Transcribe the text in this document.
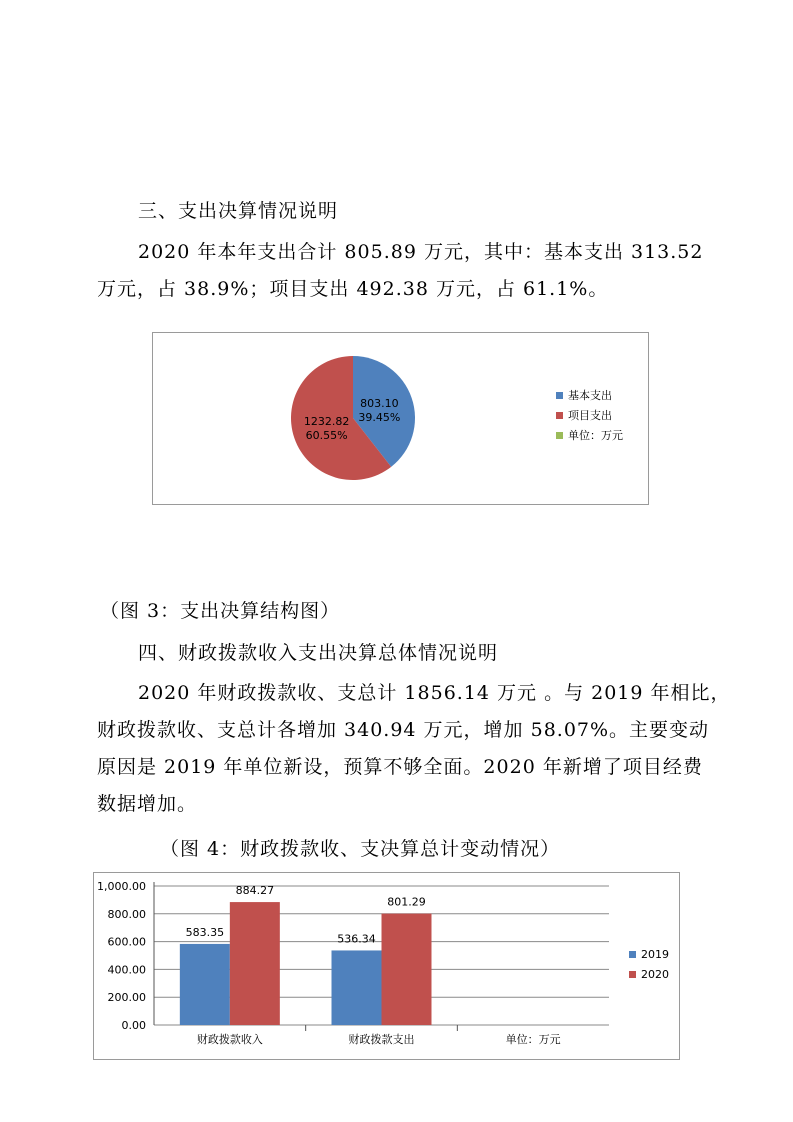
三、支出决算情况说明
2020 年本年支出合计 805.89 万元，其中：基本支出 313.52
万元，占 38.9%；项目支出 492.38 万元，占 61.1%。
803.10
39.45%
1232.82
60.55%
基本支出
项目支出
单位：万元
（图 3：支出决算结构图）
四、财政拨款收入支出决算总体情况说明
2020 年财政拨款收、支总计 1856.14 万元 。与 2019 年相比，
财政拨款收、支总计各增加 340.94 万元，增加 58.07%。主要变动
原因是 2019 年单位新设，预算不够全面。2020 年新增了项目经费
数据增加。
（图 4：财政拨款收、支决算总计变动情况）
0.00
200.00
400.00
600.00
800.00
1,000.00
583.35
884.27
财政拨款收入
536.34
801.29
财政拨款支出	单位：万元
2019
2020
